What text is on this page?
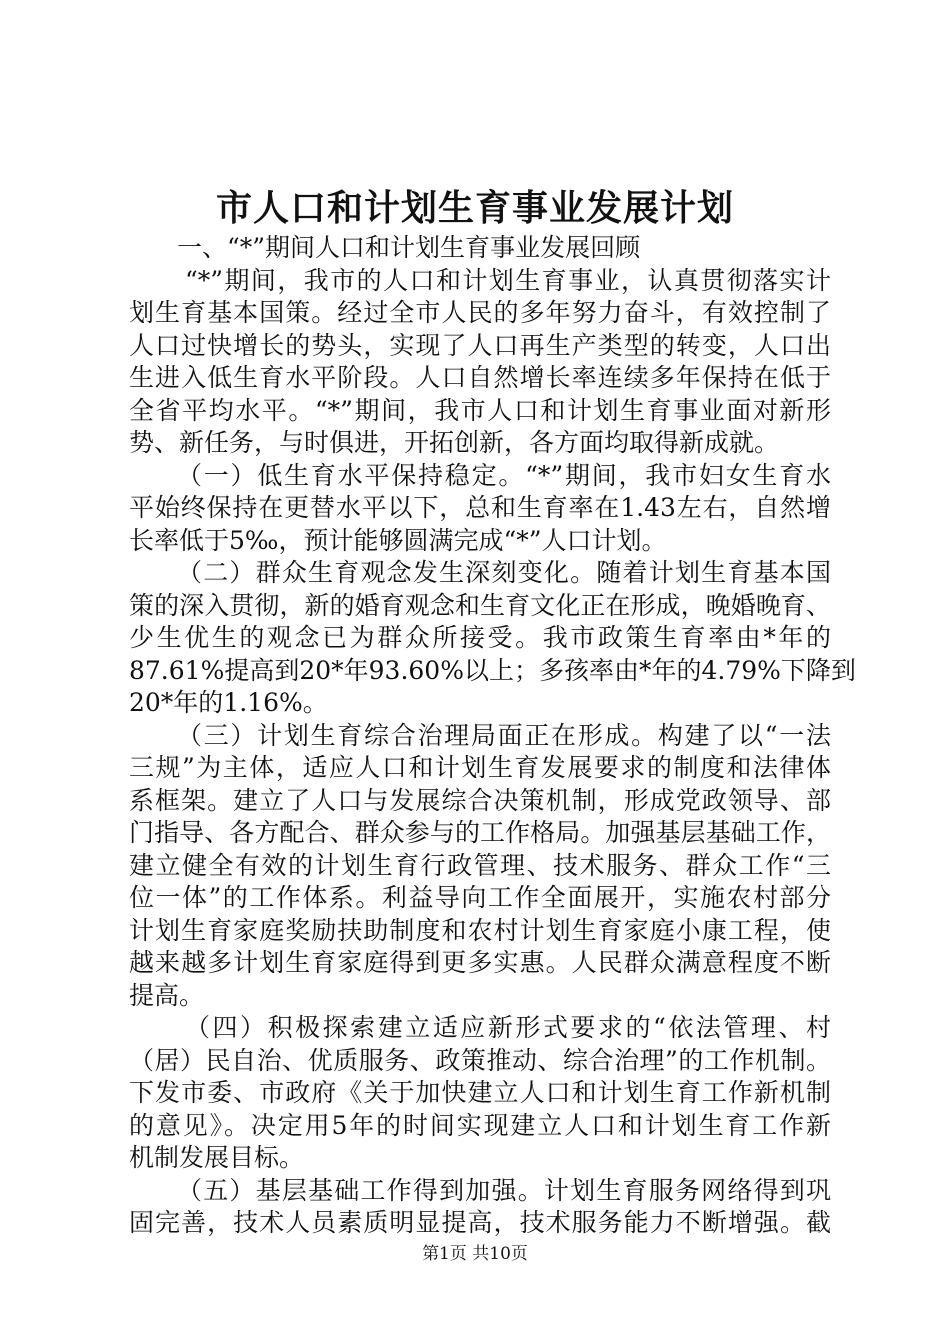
市人口和计划生育事业发展计划
一、“*”期间人口和计划生育事业发展回顾
“*”期间，我市的人口和计划生育事业，认真贯彻落实计
划生育基本国策。经过全市人民的多年努力奋斗，有效控制了
人口过快增长的势头，实现了人口再生产类型的转变，人口出
生进入低生育水平阶段。人口自然增长率连续多年保持在低于
全省平均水平。“*”期间，我市人口和计划生育事业面对新形
势、新任务，与时俱进，开拓创新，各方面均取得新成就。
（一）低生育水平保持稳定。“*”期间，我市妇女生育水
平始终保持在更替水平以下，总和生育率在1.43左右，自然增
长率低于5‰，预计能够圆满完成“*”人口计划。
（二）群众生育观念发生深刻变化。随着计划生育基本国
策的深入贯彻，新的婚育观念和生育文化正在形成，晚婚晚育、
少生优生的观念已为群众所接受。我市政策生育率由*年的
87.61%提高到20*年93.60%以上；多孩率由*年的4.79%下降到
20*年的1.16%。
（三）计划生育综合治理局面正在形成。构建了以“一法
三规”为主体，适应人口和计划生育发展要求的制度和法律体
系框架。建立了人口与发展综合决策机制，形成党政领导、部
门指导、各方配合、群众参与的工作格局。加强基层基础工作，
建立健全有效的计划生育行政管理、技术服务、群众工作“三
位一体”的工作体系。利益导向工作全面展开，实施农村部分
计划生育家庭奖励扶助制度和农村计划生育家庭小康工程，使
越来越多计划生育家庭得到更多实惠。人民群众满意程度不断
提高。
（四）积极探索建立适应新形式要求的“依法管理、村
（居）民自治、优质服务、政策推动、综合治理”的工作机制。
下发市委、市政府《关于加快建立人口和计划生育工作新机制
的意见》。决定用5年的时间实现建立人口和计划生育工作新
机制发展目标。
（五）基层基础工作得到加强。计划生育服务网络得到巩
固完善，技术人员素质明显提高，技术服务能力不断增强。截
第1页 共10页
